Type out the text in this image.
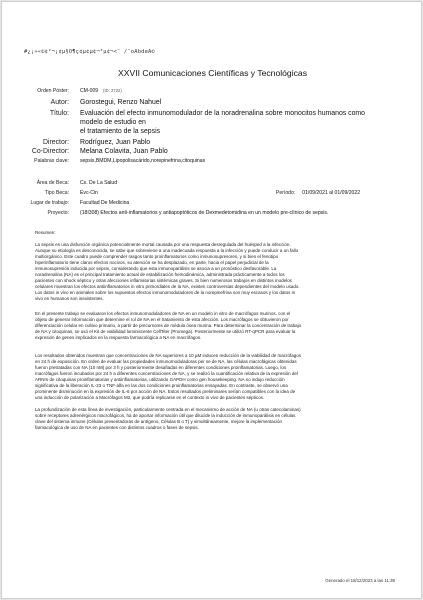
#¿¡»«©¢²¬¡¢µ§O¶ç¢µ¢µ¢¬³µ¢¬<¨ /¨oAbdeA©
XXVII Comunicaciones Científicas y Tecnológicas
Orden Póster: CM-009 (ID: 2722)
Autor: Gorostegui, Renzo Nahuel
Título: Evaluación del efecto inmunomodulador de la noradrenalina sobre monocitos humanos como
modelo de estudio en
el tratamiento de la sepsis
Director: Rodríguez, Juan Pablo
Co-Director: Melana Colavita, Juan Pablo
Palabras clave: sepsis,BMDM,Lipopolisacárido,norepinefrina,citoquinas
Área de Beca: Cs. De La Salud
Tipo Beca: Evc-Cin	Período: 01/09/2021 al 01/09/2022
Lugar de trabajo: Facultad De Medicina
Proyecto: (18I308) Efectos anti-inflamatorios y antiapoptóticos de Dexmedetomidina en un modelo pre-clínico de sepsis.
Resumen:

La sepsis es una disfunción orgánica potencialmente mortal causada por una respuesta desregulada del huésped a la infección.

Aunque su etiología es desconocida, se sabe que sobreviene a una inadecuada respuesta a la infección y puede conducir a un fallo

multiorgánico. Este cuadro puede comprender rasgos tanto proinflamatorios como inmunosupresores, y si bien el fenotipo

hiperinflamatorio tiene claros efectos nocivos, su atención se ha desplazado, en parte, hacia el papel perjudicial de la

inmunosupresión inducida por sepsis, considerando que esta inmunoparálisis se asocia a un pronóstico desfavorable. La

noradrenalina (NA) es el principal tratamiento actual de estabilización hemodinámica, administrada prácticamente a todos los

pacientes con shock séptico y otras afecciones inflamatorias sistémicas graves. Si bien numerosos trabajos en distintos modelos

celulares muestran los efectos antiinflamatorios in vitro primordiales de la NA, existen controversias dependientes del modelo usado.

Los datos in vivo en animales sobre los supuestos efectos inmunomoduladores de la norepinefrina son muy escasos y los datos in

vivo en humanos son inexistentes.

En el presente trabajo se evaluaron los efectos inmunomoduladores de NA en un modelo in vitro de macrófagos murinos, con el

objeto de generar información que determine el rol de NA en el tratamiento de esta afección. Los macrófagos se obtuvieron por

diferenciación celular en cultivo primario, a partir de precursores de médula ósea murina. Para determinar la concentración de trabajo

de NA y citoquinas, se usó el Kit de viabilidad luminiscente CellTiter (Promega). Posteriormente se utilizó RT-qPCR para evaluar la

expresión de genes implicados en la respuesta farmacológica a NA en macrófagos.

Los resultados obtenidos muestran que concentraciones de NA superiores a 10 µM inducen reducción de la viabilidad de macrófagos

en 24 h de exposición. En orden de evaluar las propiedades inmunomoduladoras per se de NA, las células macrofágicas obtenidas

fueron pretratadas con NA (10 nM) por 3 h y posteriormente desafiadas en diferentes condiciones proinflamatorias. Luego, los

macrófagos fueron incubados por 24 h a diferentes concentraciones de NA, y se realizó la cuantificación relativa de la expresión del

ARNm de citoquinas proinflamatorias y antiinflamatorias, utilizando GAPDH como gen housekeeping. NA no indujo reducción

significativa de la liberación IL-23 o TNF-alfa en las dos condiciones proinflamatorias ensayadas. En contraste, se observó una

prominente disminución en la expresión de IL-6 por acción de NA. Estos resultados preliminares serían compatibles con la idea de

una inducción de polarización a Macrófagos M2, que podría replicarse en el contexto in vivo de pacientes sépticos.

La profundización de esta línea de investigación, particularmente centrada en el mecanismo de acción de NA (u otras catecolaminas)

sobre receptores adrenérgicos macrofágicos, ha de aportar información útil que dilucide la inducción de inmunoparálisis en células

clave del sistema inmune (Células presentadoras de antígeno, Células B o T) y simultáneamente, mejore la implementación

farmacológica de uso de NA en pacientes con distintos cuadros o fases de sepsis.

Generado el 18/12/2023 a las 11:38
